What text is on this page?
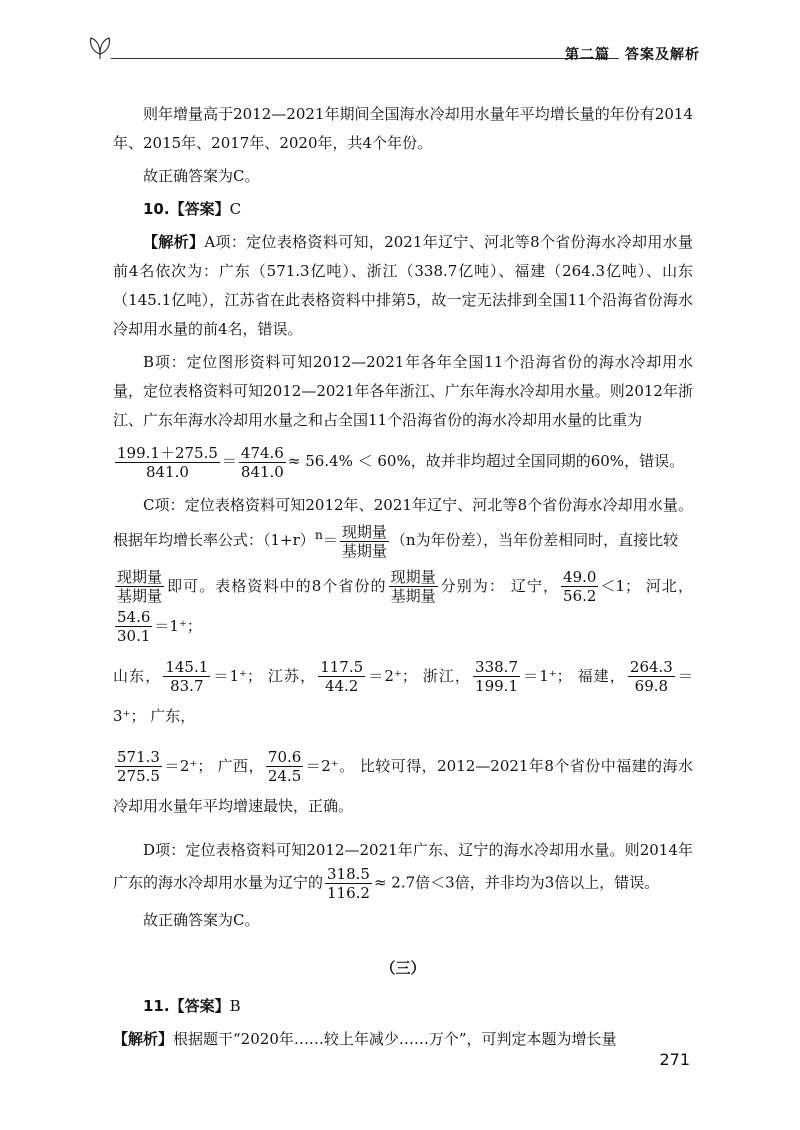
第二篇　答案及解析

则年增量高于2012—2021年期间全国海水冷却用水量年平均增长量的年份有2014年、2015年、2017年、2020年，共4个年份。

故正确答案为C。

10.【答案】C

【解析】A项：定位表格资料可知，2021年辽宁、河北等8个省份海水冷却用水量前4名依次为：广东（571.3亿吨）、浙江（338.7亿吨）、福建（264.3亿吨）、山东（145.1亿吨），江苏省在此表格资料中排第5，故一定无法排到全国11个沿海省份海水冷却用水量的前4名，错误。

B项：定位图形资料可知2012—2021年各年全国11个沿海省份的海水冷却用水量，定位表格资料可知2012—2021年各年浙江、广东年海水冷却用水量。则2012年浙江、广东年海水冷却用水量之和占全国11个沿海省份的海水冷却用水量的比重为

$\frac{199.1+275.5}{841.0} = \frac{474.6}{841.0} \approx 56.4\% < 60\%$，故并非均超过全国同期的60%，错误。

C项：定位表格资料可知2012年、2021年辽宁、河北等8个省份海水冷却用水量。根据年均增长率公式：$(1+r)^n= \frac{\text{现期量}}{\text{基期量}} (n$为年份差），当年份差相同时，直接比较

$\frac{\text{现期量}}{\text{基期量}}$ 即可。表格资料中的8个省份的 $\frac{\text{现期量}}{\text{基期量}}$ 分别为： 辽宁， $\frac{49.0}{56.2} <1$； 河北，
$\frac{54.6}{30.1} =1^+$；

山东， $\frac{145.1}{83.7} =1^+$； 江苏， $\frac{117.5}{44.2} =2^+$； 浙江， $\frac{338.7}{199.1} =1^+$； 福建， $\frac{264.3}{69.8} =3^+$； 广东，

$\frac{571.3}{275.5} =2^+$； 广西， $\frac{70.6}{24.5} =2^+$。 比较可得，2012—2021年8个省份中福建的海水冷却用水量年平均增速最快，正确。

D项：定位表格资料可知2012—2021年广东、辽宁的海水冷却用水量。则2014年广东的海水冷却用水量为辽宁的 $\frac{318.5}{116.2} \approx 2.7$倍＜3倍，并非均为3倍以上，错误。

故正确答案为C。

（三）

11.【答案】B

【解析】根据题干“2020年……较上年减少……万个”，可判定本题为增长量

271
